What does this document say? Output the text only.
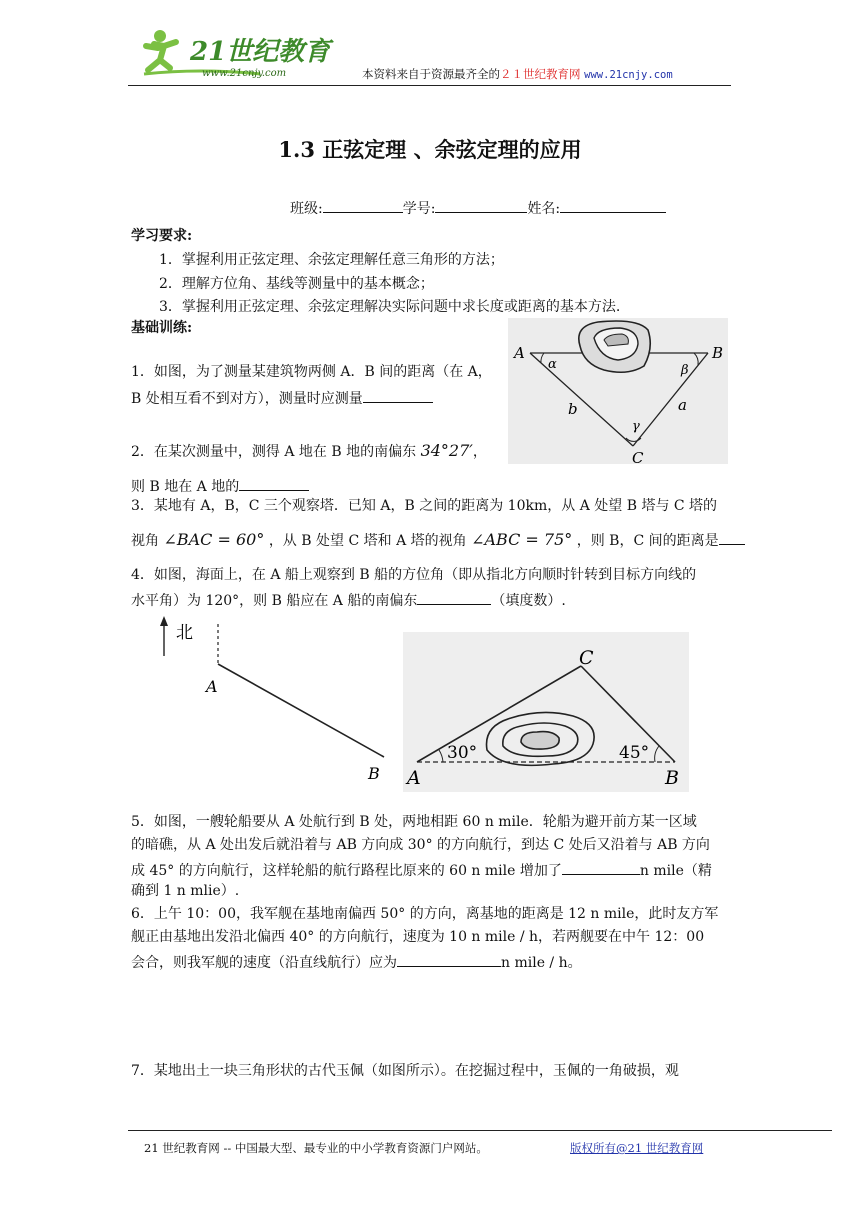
21世纪教育
www.21cnjy.com	本资料来自于资源最齐全的２１世纪教育网 www.21cnjy.com
1.3 正弦定理 、余弦定理的应用
班级:	学号:	姓名:
学习要求:
1．掌握利用正弦定理、余弦定理解任意三角形的方法；
2．理解方位角、基线等测量中的基本概念；
3．掌握利用正弦定理、余弦定理解决实际问题中求长度或距离的基本方法.
基础训练:
A	B
C
α	β
γ
b	a
1．如图，为了测量某建筑物两侧 A．B 间的距离（在 A，
B 处相互看不到对方），测量时应测量
2．在某次测量中，测得 A 地在 B 地的南偏东 34°27′，
则 B 地在 A 地的
3．某地有 A，B，C 三个观察塔．已知 A，B 之间的距离为 10km，从 A 处望 B 塔与 C 塔的
视角 ∠BAC = 60° ，从 B 处望 C 塔和 A 塔的视角 ∠ABC = 75° ，则 B，C 间的距离是
4．如图，海面上，在 A 船上观察到 B 船的方位角（即从指北方向顺时针转到目标方向线的
水平角）为 120°，则 B 船应在 A 船的南偏东	（填度数）.
北
A
B A	B
C
30°	45°
5．如图，一艘轮船要从 A 处航行到 B 处，两地相距 60 n mile．轮船为避开前方某一区域
的暗礁，从 A 处出发后就沿着与 AB 方向成 30° 的方向航行，到达 C 处后又沿着与 AB 方向
成 45° 的方向航行，这样轮船的航行路程比原来的 60 n mile 增加了	n mile（精
确到 1 n mlie）.
6．上午 10：00，我军舰在基地南偏西 50° 的方向，离基地的距离是 12 n mile，此时友方军
舰正由基地出发沿北偏西 40° 的方向航行，速度为 10 n mile / h，若两舰要在中午 12：00
会合，则我军舰的速度（沿直线航行）应为	n mile / h。
7．某地出土一块三角形状的古代玉佩（如图所示）。在挖掘过程中，玉佩的一角破损，观
21 世纪教育网 -- 中国最大型、最专业的中小学教育资源门户网站。	版权所有@21 世纪教育网
